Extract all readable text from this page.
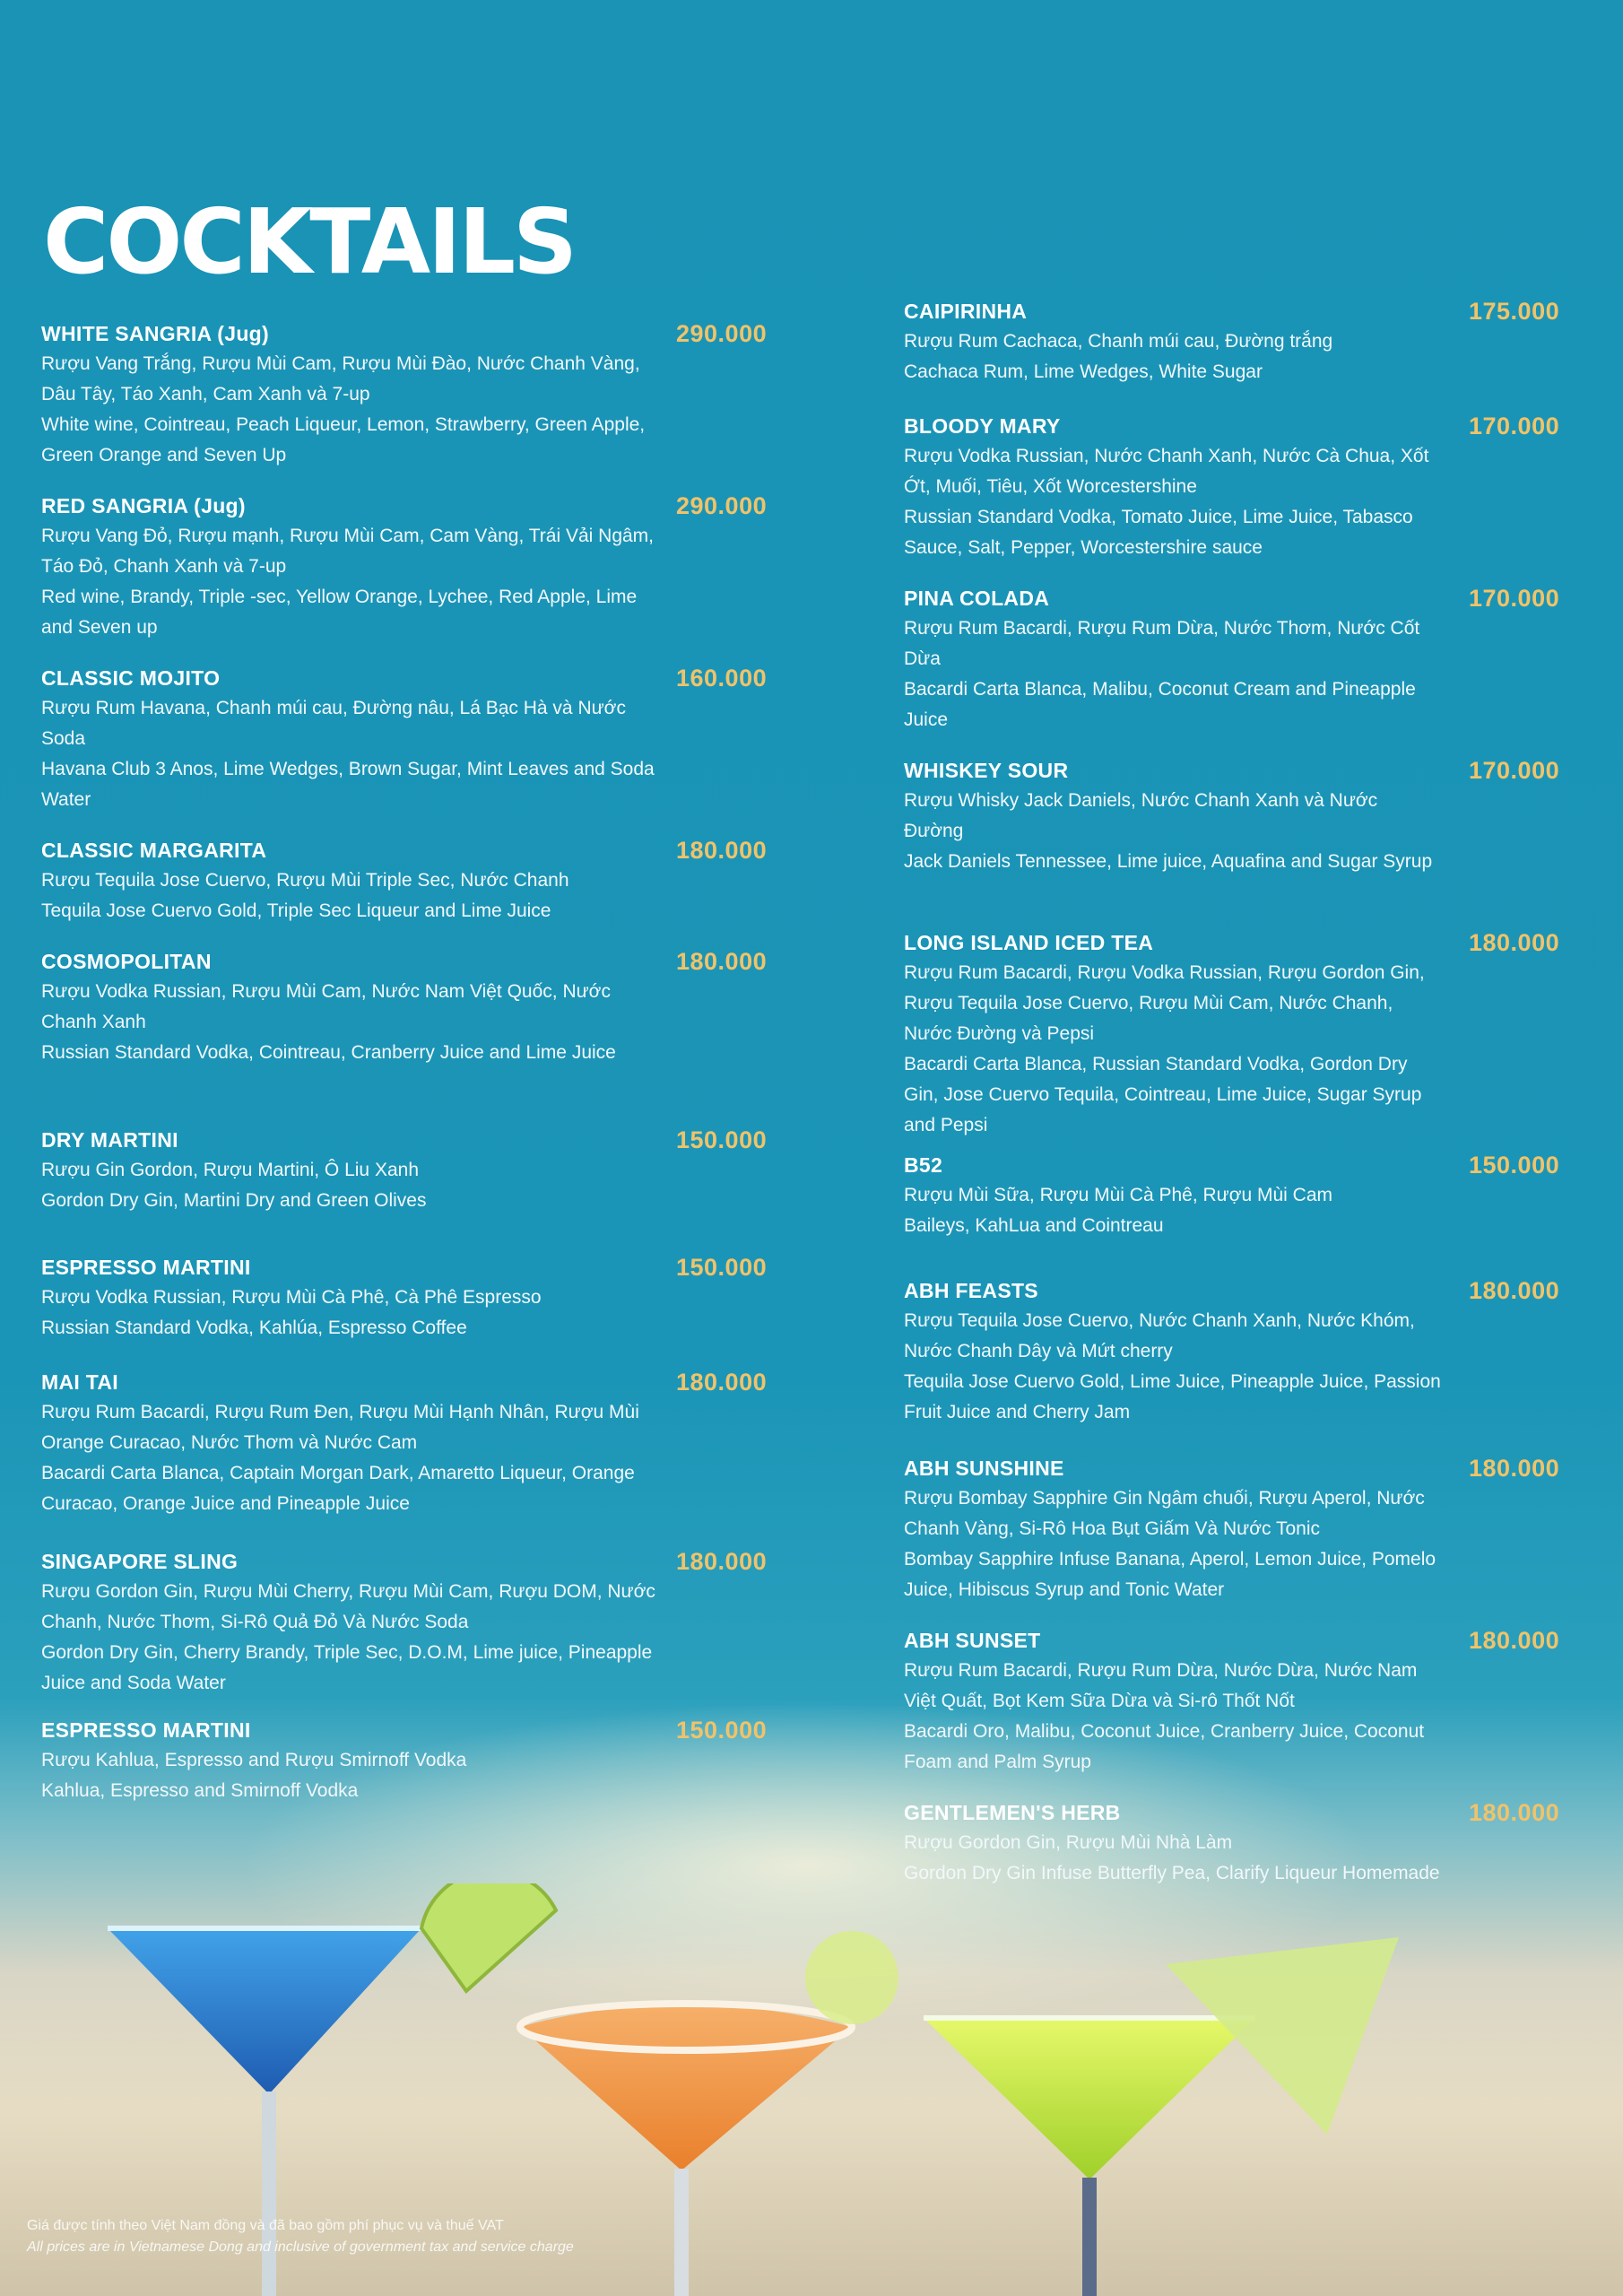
COCKTAILS
WHITE SANGRIA (Jug)	290.000

Rượu Vang Trắng, Rượu Mùi Cam, Rượu Mùi Đào, Nước Chanh Vàng, Dâu Tây, Táo Xanh, Cam Xanh và 7-up

White wine, Cointreau, Peach Liqueur, Lemon, Strawberry, Green Apple, Green Orange and Seven Up

RED SANGRIA (Jug)	290.000

Rượu Vang Đỏ, Rượu mạnh, Rượu Mùi Cam, Cam Vàng, Trái Vải Ngâm, Táo Đỏ, Chanh Xanh và 7-up

Red wine, Brandy, Triple -sec, Yellow Orange, Lychee, Red Apple, Lime and Seven up

CLASSIC MOJITO	160.000

Rượu Rum Havana, Chanh múi cau, Đường nâu, Lá Bạc Hà và Nước Soda

Havana Club 3 Anos, Lime Wedges, Brown Sugar, Mint Leaves and Soda Water

CLASSIC MARGARITA	180.000

Rượu Tequila Jose Cuervo, Rượu Mùi Triple Sec, Nước Chanh

Tequila Jose Cuervo Gold, Triple Sec Liqueur and Lime Juice

COSMOPOLITAN	180.000

Rượu Vodka Russian, Rượu Mùi Cam, Nước Nam Việt Quốc, Nước Chanh Xanh

Russian Standard Vodka, Cointreau, Cranberry Juice and Lime Juice

DRY MARTINI	150.000

Rượu Gin Gordon, Rượu Martini, Ô Liu Xanh

Gordon Dry Gin, Martini Dry and Green Olives

ESPRESSO MARTINI	150.000

Rượu Vodka Russian, Rượu Mùi Cà Phê, Cà Phê Espresso

Russian Standard Vodka, Kahlúa, Espresso Coffee

MAI TAI	180.000

Rượu Rum Bacardi, Rượu Rum Đen, Rượu Mùi Hạnh Nhân, Rượu Mùi Orange Curacao, Nước Thơm và Nước Cam

Bacardi Carta Blanca, Captain Morgan Dark, Amaretto Liqueur, Orange Curacao, Orange Juice and Pineapple Juice

SINGAPORE SLING	180.000

Rượu Gordon Gin, Rượu Mùi Cherry, Rượu Mùi Cam, Rượu DOM, Nước Chanh, Nước Thơm, Si-Rô Quả Đỏ Và Nước Soda

Gordon Dry Gin, Cherry Brandy, Triple Sec, D.O.M, Lime juice, Pineapple Juice and Soda Water

ESPRESSO MARTINI	150.000

Rượu Kahlua, Espresso and Rượu Smirnoff Vodka

Kahlua, Espresso and Smirnoff Vodka

CAIPIRINHA	175.000

Rượu Rum Cachaca, Chanh múi cau, Đường trắng

Cachaca Rum, Lime Wedges, White Sugar

BLOODY MARY	170.000

Rượu Vodka Russian, Nước Chanh Xanh, Nước Cà Chua, Xốt Ớt, Muối, Tiêu, Xốt Worcestershine

Russian Standard Vodka, Tomato Juice, Lime Juice, Tabasco Sauce, Salt, Pepper, Worcestershire sauce

PINA COLADA	170.000

Rượu Rum Bacardi, Rượu Rum Dừa, Nước Thơm, Nước Cốt Dừa

Bacardi Carta Blanca, Malibu, Coconut Cream and Pineapple Juice

WHISKEY SOUR	170.000

Rượu Whisky Jack Daniels, Nước Chanh Xanh và Nước Đường

Jack Daniels Tennessee, Lime juice, Aquafina and Sugar Syrup

LONG ISLAND ICED TEA	180.000

Rượu Rum Bacardi, Rượu Vodka Russian, Rượu Gordon Gin, Rượu Tequila Jose Cuervo, Rượu Mùi Cam, Nước Chanh, Nước Đường và Pepsi

Bacardi Carta Blanca, Russian Standard Vodka, Gordon Dry Gin, Jose Cuervo Tequila, Cointreau, Lime Juice, Sugar Syrup and Pepsi

B52	150.000

Rượu Mùi Sữa, Rượu Mùi Cà Phê, Rượu Mùi Cam

Baileys, KahLua and Cointreau

ABH FEASTS	180.000

Rượu Tequila Jose Cuervo, Nước Chanh Xanh, Nước Khóm, Nước Chanh Dây và Mứt cherry

Tequila Jose Cuervo Gold, Lime Juice, Pineapple Juice, Passion Fruit Juice and Cherry Jam

ABH SUNSHINE	180.000

Rượu Bombay Sapphire Gin Ngâm chuối, Rượu Aperol, Nước Chanh Vàng, Si-Rô Hoa Bụt Giấm Và Nước Tonic

Bombay Sapphire Infuse Banana, Aperol, Lemon Juice, Pomelo Juice, Hibiscus Syrup and Tonic Water

ABH SUNSET	180.000

Rượu Rum Bacardi, Rượu Rum Dừa, Nước Dừa, Nước Nam Việt Quất, Bọt Kem Sữa Dừa và Si-rô Thốt Nốt

Bacardi Oro, Malibu, Coconut Juice, Cranberry Juice, Coconut Foam and Palm Syrup

GENTLEMEN'S HERB	180.000

Rượu Gordon Gin, Rượu Mùi Nhà Làm

Gordon Dry Gin Infuse Butterfly Pea, Clarify Liqueur Homemade

Giá được tính theo Việt Nam đồng và đã bao gồm phí phục vụ và thuế VAT
All prices are in Vietnamese Dong and inclusive of government tax and service charge
